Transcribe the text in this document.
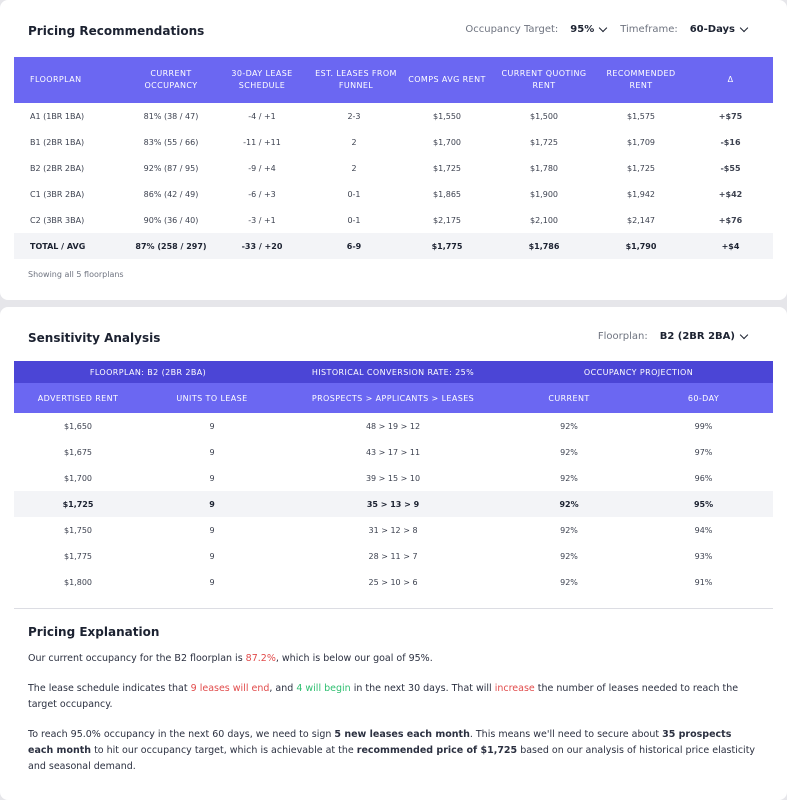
Pricing Recommendations	Occupancy Target: 95%	Timeframe: 60-Days
FLOORPLAN	CURRENT OCCUPANCY	30-DAY LEASE SCHEDULE	EST. LEASES FROM FUNNEL	COMPS AVG RENT	CURRENT QUOTING RENT	RECOMMENDED RENT	Δ
A1 (1BR 1BA)	81% (38 / 47)	-4 / +1	2-3	$1,550	$1,500	$1,575	+$75
B1 (2BR 1BA)	83% (55 / 66)	-11 / +11	2	$1,700	$1,725	$1,709	-$16
B2 (2BR 2BA)	92% (87 / 95)	-9 / +4	2	$1,725	$1,780	$1,725	-$55
C1 (3BR 2BA)	86% (42 / 49)	-6 / +3	0-1	$1,865	$1,900	$1,942	+$42
C2 (3BR 3BA)	90% (36 / 40)	-3 / +1	0-1	$2,175	$2,100	$2,147	+$76
TOTAL / AVG	87% (258 / 297)	-33 / +20	6-9	$1,775	$1,786	$1,790	+$4
Showing all 5 floorplans
Sensitivity Analysis	Floorplan: B2 (2BR 2BA)
FLOORPLAN: B2 (2BR 2BA)		HISTORICAL CONVERSION RATE: 25%	OCCUPANCY PROJECTION	
ADVERTISED RENT	UNITS TO LEASE	PROSPECTS > APPLICANTS > LEASES	CURRENT	60-DAY
$1,650	9	48 > 19 > 12	92%	99%
$1,675	9	43 > 17 > 11	92%	97%
$1,700	9	39 > 15 > 10	92%	96%
$1,725	9	35 > 13 > 9	92%	95%
$1,750	9	31 > 12 > 8	92%	94%
$1,775	9	28 > 11 > 7	92%	93%
$1,800	9	25 > 10 > 6	92%	91%
Pricing Explanation

Our current occupancy for the B2 floorplan is 87.2%, which is below our goal of 95%.

The lease schedule indicates that 9 leases will end, and 4 will begin in the next 30 days. That will increase the number of leases needed to reach the target occupancy.

To reach 95.0% occupancy in the next 60 days, we need to sign 5 new leases each month. This means we'll need to secure about 35 prospects each month to hit our occupancy target, which is achievable at the recommended price of $1,725 based on our analysis of historical price elasticity and seasonal demand.
